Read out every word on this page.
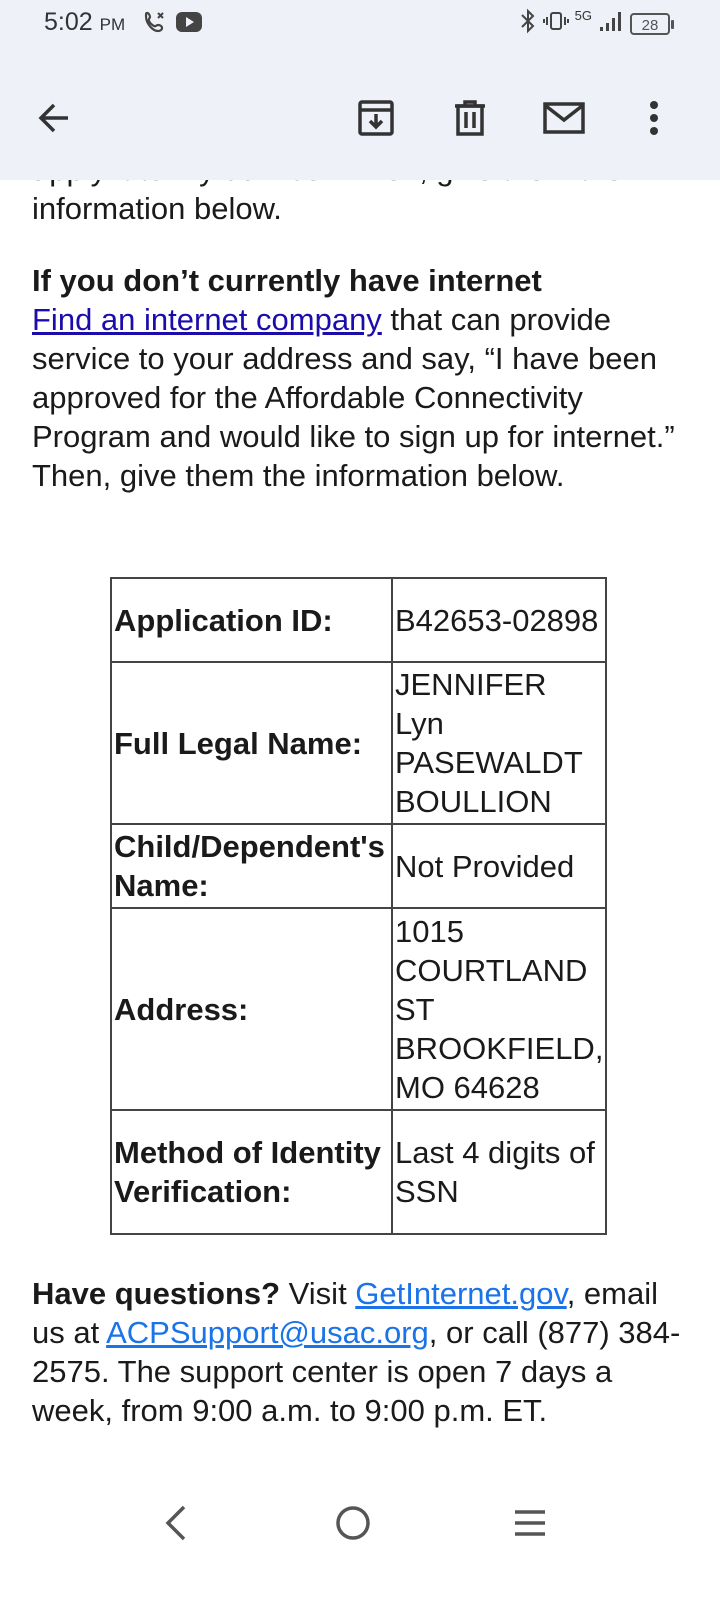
5:02 PM	5G
28

information below.

If you don’t currently have internet
Find an internet company that can provide service to your address and say, “I have been approved for the Affordable Connectivity Program and would like to sign up for internet.” Then, give them the information below.

Application ID:	B42653-02898
Full Legal Name:	JENNIFER Lyn PASEWALDT BOULLION
Child/Dependent's Name:	Not Provided
Address:	1015 COURTLAND ST BROOKFIELD, MO 64628
Method of Identity Verification:	Last 4 digits of SSN
Have questions? Visit GetInternet.gov, email us at ACPSupport@usac.org, or call (877) 384-2575. The support center is open 7 days a week, from 9:00 a.m. to 9:00 p.m. ET.
